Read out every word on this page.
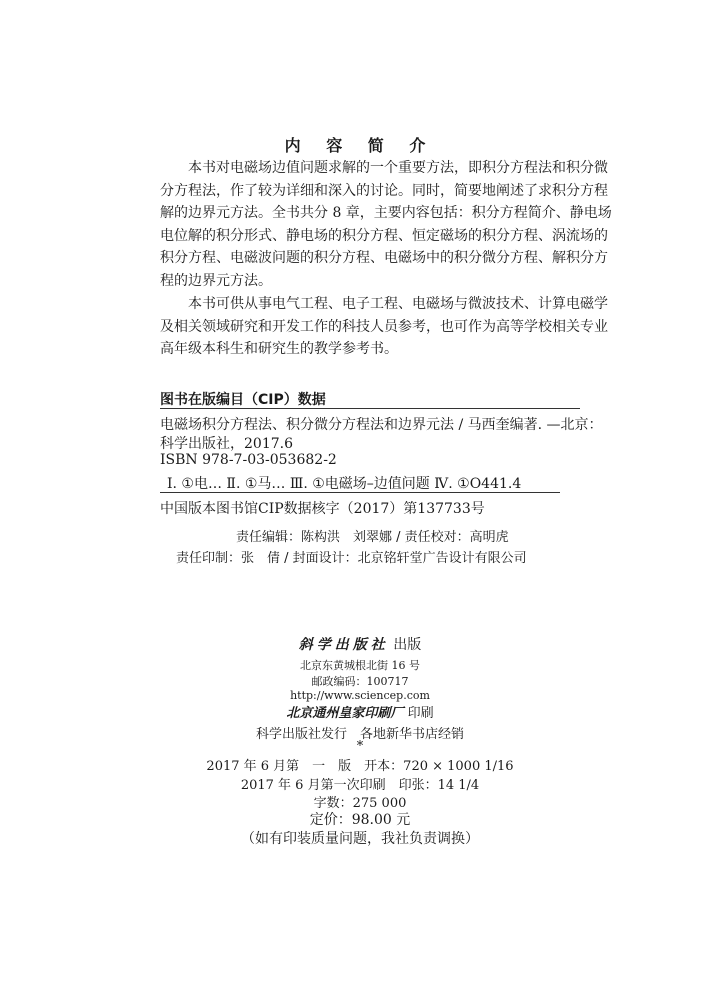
内 容 简 介
本书对电磁场边值问题求解的一个重要方法，即积分方程法和积分微
分方程法，作了较为详细和深入的讨论。同时，简要地阐述了求积分方程
解的边界元方法。全书共分 8 章，主要内容包括：积分方程简介、静电场
电位解的积分形式、静电场的积分方程、恒定磁场的积分方程、涡流场的
积分方程、电磁波问题的积分方程、电磁场中的积分微分方程、解积分方
程的边界元方法。
本书可供从事电气工程、电子工程、电磁场与微波技术、计算电磁学
及相关领域研究和开发工作的科技人员参考，也可作为高等学校相关专业
高年级本科生和研究生的教学参考书。
图书在版编目（CIP）数据
电磁场积分方程法、积分微分方程法和边界元法 / 马西奎编著. —北京：
科学出版社，2017.6
ISBN 978-7-03-053682-2
Ⅰ. ①电… Ⅱ. ①马… Ⅲ. ①电磁场–边值问题 Ⅳ. ①O441.4
中国版本图书馆CIP数据核字（2017）第137733号
责任编辑：陈构洪　刘翠娜 / 责任校对：高明虎
责任印制：张　倩 / 封面设计：北京铭轩堂广告设计有限公司
斜学出版社 出版
北京东黄城根北街 16 号
邮政编码：100717
http://www.sciencep.com
北京通州皇家印刷厂 印刷
科学出版社发行　各地新华书店经销
*
2017 年 6 月第　一　版　开本：720 × 1000 1/16
2017 年 6 月第一次印刷　印张：14 1/4
字数：275 000
定价：98.00 元
（如有印装质量问题，我社负责调换）
